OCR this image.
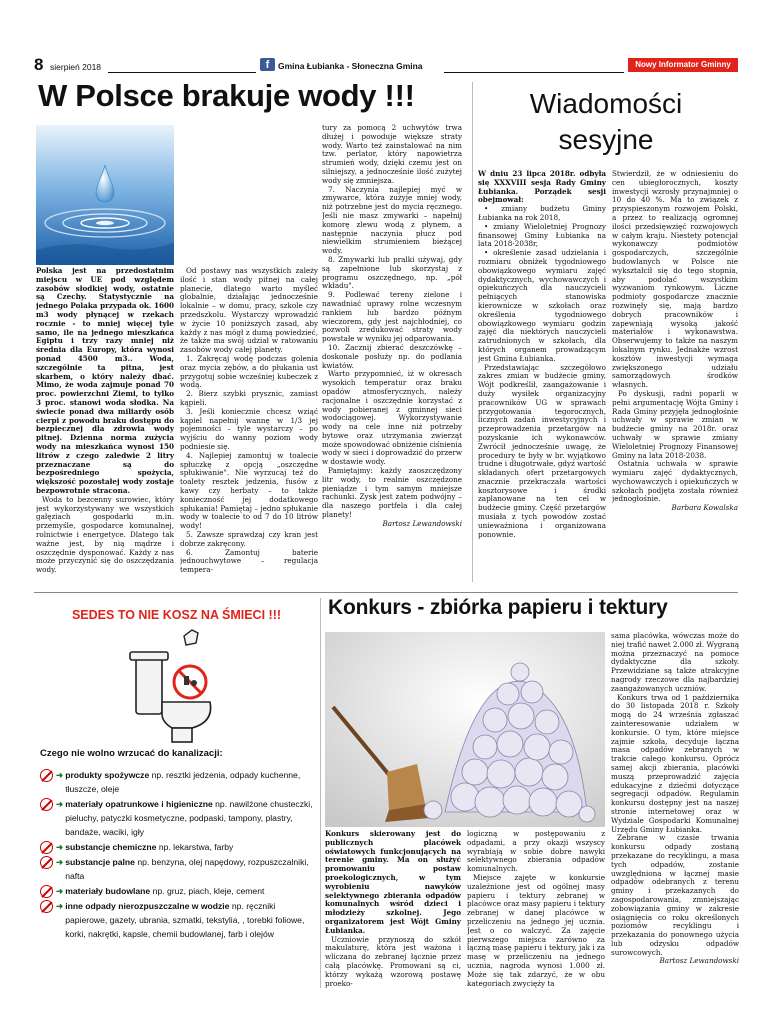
8 sierpień 2018	f	Gmina Łubianka - Słoneczna Gmina	Nowy Informator Gminny
W Polsce brakuje wody !!!

Polska jest na przedostatnim miejscu w UE pod względem zasobów słodkiej wody, ostatnie są Czechy. Statystycznie na jednego Polaka przypada ok. 1600 m3 wody płynącej w rzekach rocznie - to mniej więcej tyle samo, ile na jednego mieszkańca Egiptu i trzy razy mniej niż średnia dla Europy, która wynosi ponad 4500 m3.. Woda, szczególnie ta pitna, jest skarbem, o który należy dbać. Mimo, że woda zajmuje ponad 70 proc. powierzchni Ziemi, to tylko 3 proc. stanowi woda słodka. Na świecie ponad dwa miliardy osób cierpi z powodu braku dostępu do bezpiecznej dla zdrowia wody pitnej. Dzienna norma zużycia wody na mieszkańca wynosi 150 litrów z czego zaledwie 2 litry przeznaczane są do bezpośredniego spożycia, większość pozostałej wody zostaje bezpowrotnie stracona.

Woda to bezcenny surowiec, który jest wykorzystywany we wszystkich gałęziach gospodarki m.in. przemyśle, gospodarce komunalnej, rolnictwie i energetyce. Dlatego tak ważne jest, by nią mądrze i oszczędnie dysponować. Każdy z nas może przyczynić się do oszczędzania wody.

Od postawy nas wszystkich zależy ilość i stan wody pitnej na całej planecie, dlatego warto myśleć globalnie, działając jednocześnie lokalnie – w domu, pracy, szkole czy przedszkolu. Wystarczy wprowadzić w życie 10 poniższych zasad, aby każdy z nas mógł z dumą powiedzieć, że także ma swój udział w ratowaniu zasobów wody całej planety.

1. Zakręcaj wodę podczas golenia oraz mycia zębów, a do płukania ust przygotuj sobie wcześniej kubeczek z wodą.

2. Bierz szybki prysznic, zamiast kąpieli.

3. Jeśli koniecznie chcesz wziąć kąpiel napełnij wannę w 1/3 jej pojemności – tyle wystarczy – po wyjściu do wanny poziom wody podniesie się.

4. Najlepiej zamontuj w toalecie spłuczkę z opcją „oszczędne spłukiwanie". Nie wyrzucaj też do toalety resztek jedzenia, fusów z kawy czy herbaty – to także konieczność jej dodatkowego spłukania! Pamiętaj – jedno spłukanie wody w toalecie to od 7 do 10 litrów wody!

5. Zawsze sprawdzaj czy kran jest dobrze zakręcony.

6. Zamontuj baterie jednouchwytowe – regulacja tempera-

tury za pomocą 2 uchwytów trwa dłużej i powoduje większe straty wody. Warto też zainstalować na nim tzw. perlator, który napowietrza strumień wody, dzięki czemu jest on silniejszy, a jednocześnie ilość zużytej wody się zmniejsza.

7. Naczynia najlepiej myć w zmywarce, która zużyje mniej wody, niż potrzebne jest do mycia ręcznego. Jeśli nie masz zmywarki – napełnij komorę zlewu wodą z płynem, a następnie naczynia płucz pod niewielkim strumieniem bieżącej wody.

8. Zmywarki lub pralki używaj, gdy są zapełnione lub skorzystaj z programu oszczędnego, np. „pół wkładu".

9. Podlewać tereny zielone i nawadniać uprawy rolne wczesnym rankiem lub bardzo późnym wieczorem, gdy jest najchłodniej, co pozwoli zredukować straty wody powstałe w wyniku jej odparowania.

10. Zacznij zbierać deszczówkę – doskonale posłuży np. do podlania kwiatów.

Warto przypomnieć, iż w okresach wysokich temperatur oraz braku opadów atmosferycznych, należy racjonalne i oszczędnie korzystać z wody pobieranej z gminnej sieci wodociągowej. Wykorzystywanie wody na cele inne niż potrzeby bytowe oraz utrzymania zwierząt może spowodować obniżenie ciśnienia wody w sieci i doprowadzić do przerw w dostawie wody.

Pamiętajmy: każdy zaoszczędzony litr wody, to realnie oszczędzone pieniądze i tym samym mniejsze rachunki. Zysk jest zatem podwójny – dla naszego portfela i dla całej planety!

Bartosz Lewandowski

Wiadomości
sesyjne

W dniu 23 lipca 2018r. odbyła się XXXVIII sesja Rady Gminy Łubianka. Porządek sesji obejmował:

• zmiany budżetu Gminy Łubianka na rok 2018,

• zmiany Wieloletniej Prognozy finansowej Gminy Łubianka na lata 2018-2038r,

• określenie zasad udzielania i rozmiaru obniżek tygodniowego obowiązkowego wymiaru zajęć dydaktycznych, wychowawczych i opiekuńczych dla nauczycieli pełniących stanowiska kierownicze w szkołach oraz określenia tygodniowego obowiązkowego wymiaru godzin zajęć dla niektórych nauczycieli zatrudnionych w szkołach, dla których organem prowadzącym jest Gmina Łubianka.

Przedstawiając szczegółowo zakres zmian w budżecie gminy, Wójt podkreślił, zaangażowanie i duży wysiłek organizacyjny pracowników UG w sprawach przygotowania tegorocznych, licznych zadań inwestycyjnych i przeprowadzenia przetargów na pozyskanie ich wykonawców. Zwrócił jednocześnie uwagę, że procedury te były w br. wyjątkowo trudne i długotrwałe, gdyż wartość składanych ofert przetargowych znacznie przekraczała wartości kosztorysowe i środki zaplanowane na ten cel w budżecie gminy. Część przetargów musiała z tych powodów zostać unieważniona i organizowana ponownie.

Stwierdził, że w odniesieniu do cen ubiegłorocznych, koszty inwestycji wzrosły przynajmniej o 10 do 40 %. Ma to związek z przyspieszonym rozwojem Polski, a przez to realizacją ogromnej ilości przedsięwzięć rozwojowych w całym kraju. Niestety potencjał wykonawczy podmiotów gospodarczych, szczególnie budowlanych w Polsce nie wykształcił się do tego stopnia, aby podołać wszystkim wyzwaniom rynkowym. Liczne podmioty gospodarcze znacznie rozwinęły się, mają bardzo dobrych pracowników i zapewniają wysoką jakość materiałów i wykonawstwa. Obserwujemy to także na naszym lokalnym rynku. Jednakże wzrost kosztów inwestycji wymaga zwiększonego udziału samorządowych środków własnych.

Po dyskusji, radni poparli w pełni argumentację Wójta Gminy i Rada Gminy przyjęła jednogłośnie uchwały w sprawie zmian w budżecie gminy na 2018r. oraz uchwały w sprawie zmiany Wieloletniej Prognozy Finansowej Gminy na lata 2018-2038.

Ostatnia uchwała w sprawie wymiaru zajęć dydaktycznych, wychowawczych i opiekuńczych w szkołach podjęta została również jednogłośnie.

Barbara Kowalska

SEDES TO NIE KOSZ NA ŚMIECI !!!
Czego nie wolno wrzucać do kanalizacji:
➜ produkty spożywcze np. resztki jedzenia, odpady kuchenne, tłuszcze, oleje
➜ materiały opatrunkowe i higieniczne np. nawilżone chusteczki, pieluchy, patyczki kosmetyczne, podpaski, tampony, plastry, bandaże, waciki, igły
➜ substancje chemiczne np. lekarstwa, farby
➜ substancje palne np. benzyna, olej napędowy, rozpuszczalniki, nafta
➜ materiały budowlane np. gruz, piach, kleje, cement
➜ inne odpady nierozpuszczalne w wodzie np. ręczniki papierowe, gazety, ubrania, szmatki, tekstylia, , torebki foliowe, korki, nakrętki, kapsle, chemii budowlanej, farb i olejów
Konkurs - zbiórka papieru i tektury

Konkurs skierowany jest do publicznych placówek oświatowych funkcjonujących na terenie gminy. Ma on służyć promowaniu postaw proekologicznych, w tym wyrobieniu nawyków selektywnego zbierania odpadów komunalnych wśród dzieci i młodzieży szkolnej. Jego organizatorem jest Wójt Gminy Łubianka.

Uczniowie przynoszą do szkół makulaturę, która jest ważona i wliczana do zebranej łącznie przez całą placówkę. Promowani są ci, którzy wykażą wzorową postawę proeko-

logiczną w postępowaniu z odpadami, a przy okazji wszyscy wyrabiają w sobie dobre nawyki selektywnego zbierania odpadów komunalnych.

Miejsce zajęte w konkursie uzależnione jest od ogólnej masy papieru i tektury zebranej w placówce oraz masy papieru i tektury zebranej w danej placówce w przeliczeniu na jednego jej ucznia. Jest o co walczyć. Za zajęcie pierwszego miejsca zarówno za łączną masę papieru i tektury, jak i za masę w przeliczeniu na jednego ucznia, nagroda wynosi 1.000 zł. Może się tak zdarzyć, że w obu kategoriach zwycięży ta

sama placówka, wówczas może do niej trafić nawet 2.000 zł. Wygraną można przeznaczyć na pomoce dydaktyczne dla szkoły. Przewidziane są także atrakcyjne nagrody rzeczowe dla najbardziej zaangażowanych uczniów.

Konkurs trwa od 1 października do 30 listopada 2018 r. Szkoły mogą do 24 września zgłaszać zainteresowanie udziałem w konkursie. O tym, które miejsce zajmie szkoła, decyduje łączna masa odpadów zebranych w trakcie całego konkursu. Oprócz samej akcji zbierania, placówki muszą przeprowadzić zajęcia edukacyjne z dziećmi dotyczące segregacji odpadów. Regulamin konkursu dostępny jest na naszej stronie internetowej oraz w Wydziale Gospodarki Komunalnej Urzędu Gminy Łubianka.

Zebrane w czasie trwania konkursu odpady zostaną przekazane do recyklingu, a masa tych odpadów, zostanie uwzględniona w łącznej masie odpadów odebranych z terenu gminy i przekazanych do zagospodarowania, zmniejszając zobowiązania gminy w zakresie osiągnięcia co roku określonych poziomów recyklingu i przekazania do ponownego użycia lub odzysku odpadów surowcowych.

Bartosz Lewandowski
